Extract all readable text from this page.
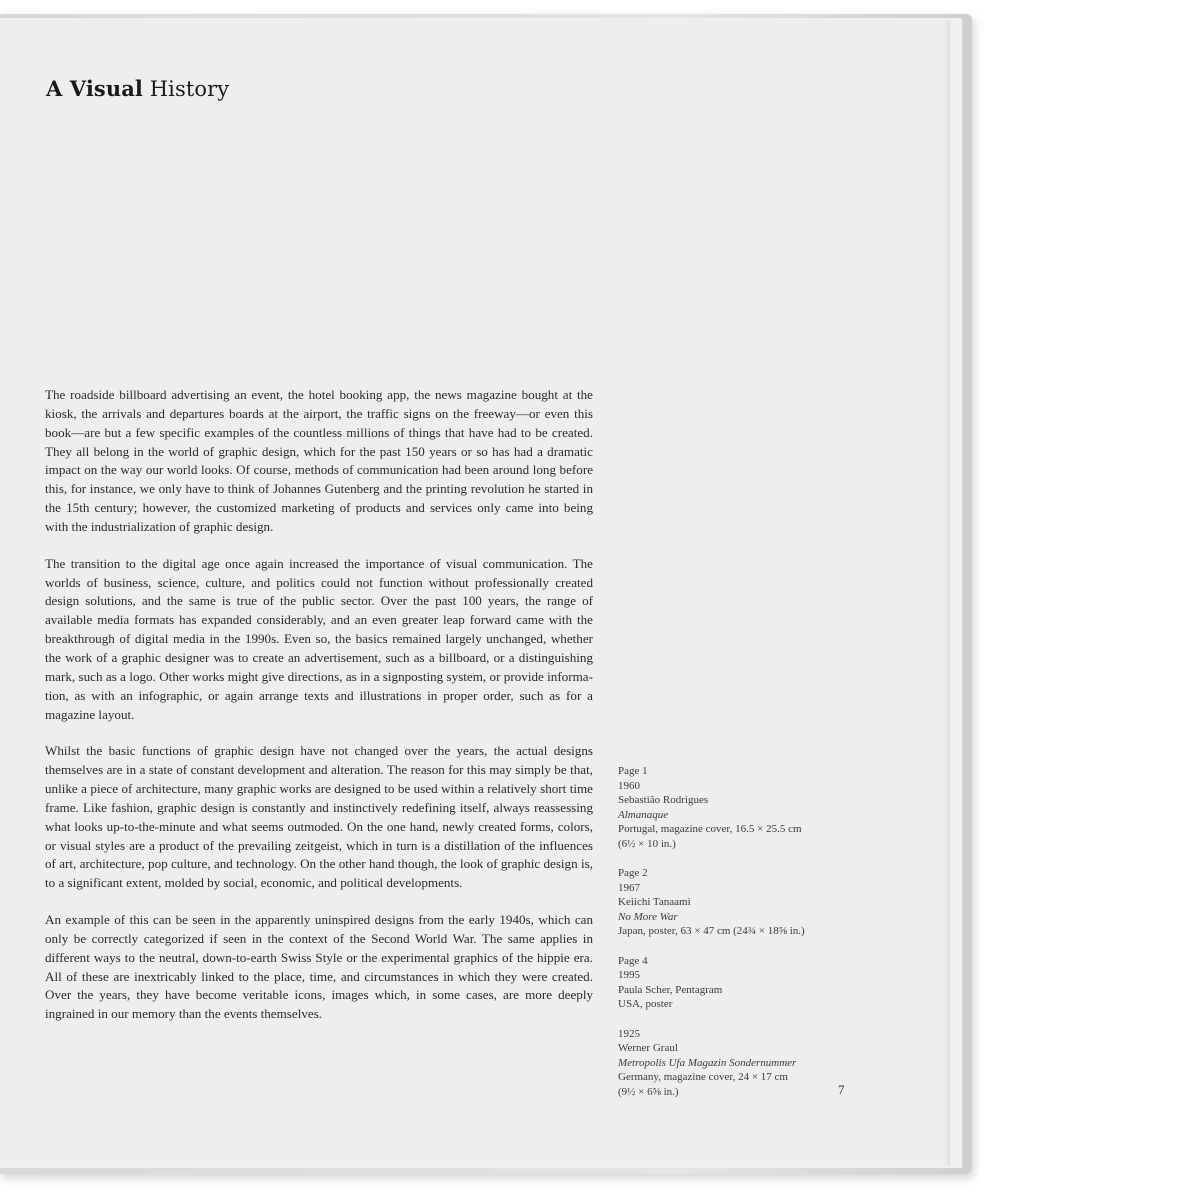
A Visual History

The roadside billboard advertising an event, the hotel booking app, the news magazine bought at the kiosk, the arrivals and departures boards at the airport, the traffic signs on the freeway—or even this book—are but a few specific examples of the countless millions of things that have had to be created. They all belong in the world of graphic design, which for the past 150 years or so has had a dramatic impact on the way our world looks. Of course, methods of communication had been around long before this, for instance, we only have to think of Johannes Gutenberg and the printing revolution he started in the 15th century; however, the customized marketing of products and services only came into being with the industrialization of graphic design.

The transition to the digital age once again increased the importance of visual communication. The worlds of business, science, culture, and politics could not function without professionally created design solutions, and the same is true of the public sector. Over the past 100 years, the range of available media formats has expanded considerably, and an even greater leap forward came with the breakthrough of digital media in the 1990s. Even so, the basics remained largely unchanged, whether the work of a graphic designer was to create an advertisement, such as a billboard, or a distinguishing mark, such as a logo. Other works might give directions, as in a signposting system, or provide information, as with an infographic, or again arrange texts and illustrations in proper order, such as for a magazine layout.

Whilst the basic functions of graphic design have not changed over the years, the actual designs themselves are in a state of constant development and alteration. The reason for this may simply be that, unlike a piece of architecture, many graphic works are designed to be used within a relatively short time frame. Like fashion, graphic design is constantly and instinctively redefining itself, always reassessing what looks up-to-the-minute and what seems outmoded. On the one hand, newly created forms, colors, or visual styles are a product of the prevailing zeitgeist, which in turn is a distillation of the influences of art, architecture, pop culture, and technology. On the other hand though, the look of graphic design is, to a significant extent, molded by social, economic, and political developments.

An example of this can be seen in the apparently uninspired designs from the early 1940s, which can only be correctly categorized if seen in the context of the Second World War. The same applies in different ways to the neutral, down-to-earth Swiss Style or the experimental graphics of the hippie era. All of these are inextricably linked to the place, time, and circumstances in which they were created. Over the years, they have become veritable icons, images which, in some cases, are more deeply ingrained in our memory than the events themselves.

Page 1
1960
Sebastião Rodrigues
Almanaque
Portugal, magazine cover, 16.5 × 25.5 cm
(6½ × 10 in.)
Page 2
1967
Keiichi Tanaami
No More War
Japan, poster, 63 × 47 cm (24¾ × 18⅝ in.)
Page 4
1995
Paula Scher, Pentagram
USA, poster
1925
Werner Graul
Metropolis Ufa Magazin Sondernummer
Germany, magazine cover, 24 × 17 cm
(9½ × 6⅝ in.)	7
